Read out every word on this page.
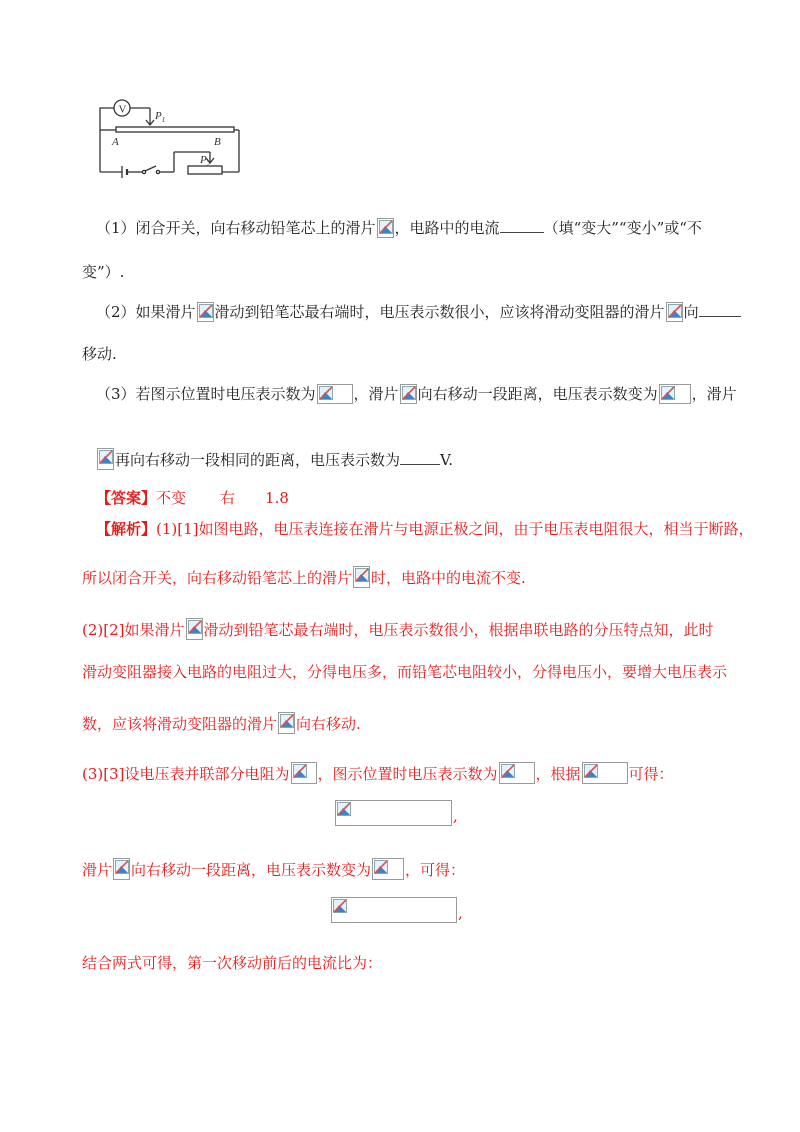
V
$P_1$
A	B
$P_2$
（1）闭合开关，向右移动铅笔芯上的滑片 ，电路中的电流	（填“变大”“变小”或“不
变”）.
（2）如果滑片 滑动到铅笔芯最右端时，电压表示数很小，应该将滑动变阻器的滑片 向
移动.
（3）若图示位置时电压表示数为	，滑片 向右移动一段距离，电压表示数变为 ，滑片
再向右移动一段相同的距离，电压表示数为	V.
【答案】不变 右 1.8
【解析】(1)[1]如图电路，电压表连接在滑片与电源正极之间，由于电压表电阻很大，相当于断路，
所以闭合开关，向右移动铅笔芯上的滑片 时，电路中的电流不变.
(2)[2]如果滑片 滑动到铅笔芯最右端时，电压表示数很小，根据串联电路的分压特点知，此时
滑动变阻器接入电路的电阻过大，分得电压多，而铅笔芯电阻较小，分得电压小，要增大电压表示
数，应该将滑动变阻器的滑片 向右移动.
(3)[3]设电压表并联部分电阻为 ，图示位置时电压表示数为	，根据	可得：
,
滑片 向右移动一段距离，电压表示数变为 ，可得：
,
结合两式可得，第一次移动前后的电流比为：
